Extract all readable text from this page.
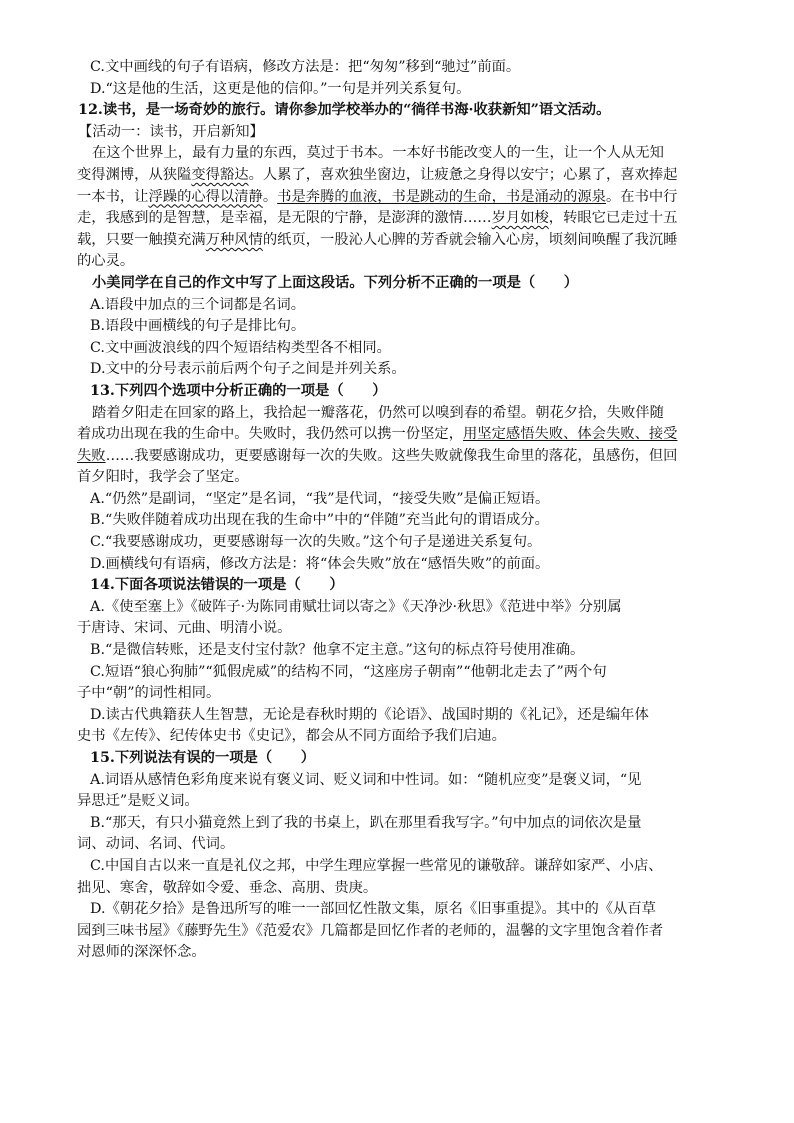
C.文中画线的句子有语病，修改方法是：把“匆匆”移到“驰过”前面。
D.“这是他的生活，这更是他的信仰。”一句是并列关系复句。
12.读书，是一场奇妙的旅行。请你参加学校举办的“徜徉书海·收获新知”语文活动。
【活动一：读书，开启新知】
在这个世界上，最有力量的东西，莫过于书本。一本好书能改变人的一生，让一个人从无知
变得渊博，从狭隘变得豁达。人累了，喜欢独坐窗边，让疲惫之身得以安宁；心累了，喜欢捧起
一本书，让浮躁的心得以清静。书是奔腾的血液，书是跳动的生命，书是涌动的源泉。在书中行
走，我感到的是智慧，是幸福，是无限的宁静，是澎湃的激情……岁月如梭，转眼它已走过十五
载，只要一触摸充满万种风情的纸页，一股沁人心脾的芳香就会输入心房，顷刻间唤醒了我沉睡
的心灵。
小美同学在自己的作文中写了上面这段话。下列分析不正确的一项是（　　）
A.语段中加点的三个词都是名词。
B.语段中画横线的句子是排比句。
C.文中画波浪线的四个短语结构类型各不相同。
D.文中的分号表示前后两个句子之间是并列关系。
13.下列四个选项中分析正确的一项是（　　）
踏着夕阳走在回家的路上，我拾起一瓣落花，仍然可以嗅到春的希望。朝花夕拾，失败伴随
着成功出现在我的生命中。失败时，我仍然可以携一份坚定，用坚定感悟失败、体会失败、接受
失败……我要感谢成功，更要感谢每一次的失败。这些失败就像我生命里的落花，虽感伤，但回
首夕阳时，我学会了坚定。
A.“仍然”是副词，“坚定”是名词，“我”是代词，“接受失败”是偏正短语。
B.“失败伴随着成功出现在我的生命中”中的“伴随”充当此句的谓语成分。
C.“我要感谢成功，更要感谢每一次的失败。”这个句子是递进关系复句。
D.画横线句有语病，修改方法是：将“体会失败”放在“感悟失败”的前面。
14.下面各项说法错误的一项是（　　）
A.《使至塞上》《破阵子·为陈同甫赋壮词以寄之》《天净沙·秋思》《范进中举》分别属
于唐诗、宋词、元曲、明清小说。
B.“是微信转账，还是支付宝付款？他拿不定主意。”这句的标点符号使用准确。
C.短语“狼心狗肺”“狐假虎威”的结构不同，“这座房子朝南”“他朝北走去了”两个句
子中“朝”的词性相同。
D.读古代典籍获人生智慧，无论是春秋时期的《论语》、战国时期的《礼记》，还是编年体
史书《左传》、纪传体史书《史记》，都会从不同方面给予我们启迪。
15.下列说法有误的一项是（　　）
A.词语从感情色彩角度来说有褒义词、贬义词和中性词。如：“随机应变”是褒义词，“见
异思迁”是贬义词。
B.“那天，有只小猫竟然上到了我的书桌上，趴在那里看我写字。”句中加点的词依次是量
词、动词、名词、代词。
C.中国自古以来一直是礼仪之邦，中学生理应掌握一些常见的谦敬辞。谦辞如家严、小店、
拙见、寒舍，敬辞如令爱、垂念、高朋、贵庚。
D.《朝花夕拾》是鲁迅所写的唯一一部回忆性散文集，原名《旧事重提》。其中的《从百草
园到三味书屋》《藤野先生》《范爱农》几篇都是回忆作者的老师的，温馨的文字里饱含着作者
对恩师的深深怀念。
